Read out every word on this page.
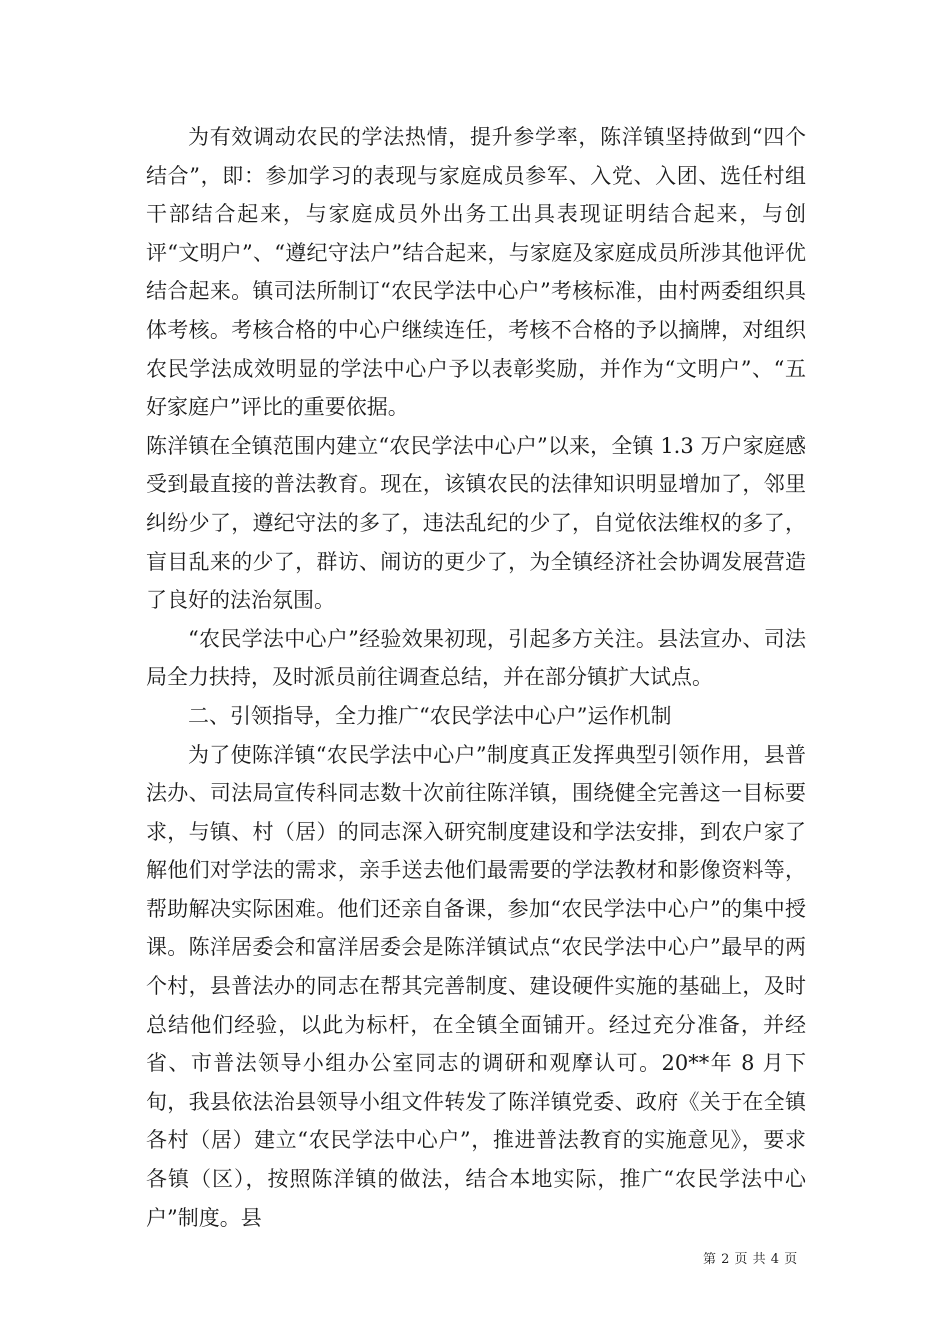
为有效调动农民的学法热情，提升参学率，陈洋镇坚持做到“四个结合”，即：参加学习的表现与家庭成员参军、入党、入团、选任村组干部结合起来，与家庭成员外出务工出具表现证明结合起来，与创评“文明户”、“遵纪守法户”结合起来，与家庭及家庭成员所涉其他评优结合起来。镇司法所制订“农民学法中心户”考核标准，由村两委组织具体考核。考核合格的中心户继续连任，考核不合格的予以摘牌，对组织农民学法成效明显的学法中心户予以表彰奖励，并作为“文明户”、“五好家庭户”评比的重要依据。

陈洋镇在全镇范围内建立“农民学法中心户”以来，全镇 1.3 万户家庭感受到最直接的普法教育。现在，该镇农民的法律知识明显增加了，邻里纠纷少了，遵纪守法的多了，违法乱纪的少了，自觉依法维权的多了，盲目乱来的少了，群访、闹访的更少了，为全镇经济社会协调发展营造了良好的法治氛围。

“农民学法中心户”经验效果初现，引起多方关注。县法宣办、司法局全力扶持，及时派员前往调查总结，并在部分镇扩大试点。

二、引领指导，全力推广“农民学法中心户”运作机制

为了使陈洋镇“农民学法中心户”制度真正发挥典型引领作用，县普法办、司法局宣传科同志数十次前往陈洋镇，围绕健全完善这一目标要求，与镇、村（居）的同志深入研究制度建设和学法安排，到农户家了解他们对学法的需求，亲手送去他们最需要的学法教材和影像资料等，帮助解决实际困难。他们还亲自备课，参加“农民学法中心户”的集中授课。陈洋居委会和富洋居委会是陈洋镇试点“农民学法中心户”最早的两个村，县普法办的同志在帮其完善制度、建设硬件实施的基础上，及时总结他们经验，以此为标杆，在全镇全面铺开。经过充分准备，并经省、市普法领导小组办公室同志的调研和观摩认可。20**年 8 月下旬，我县依法治县领导小组文件转发了陈洋镇党委、政府《关于在全镇各村（居）建立“农民学法中心户”，推进普法教育的实施意见》，要求各镇（区），按照陈洋镇的做法，结合本地实际，推广“农民学法中心户”制度。县

第 2 页 共 4 页
